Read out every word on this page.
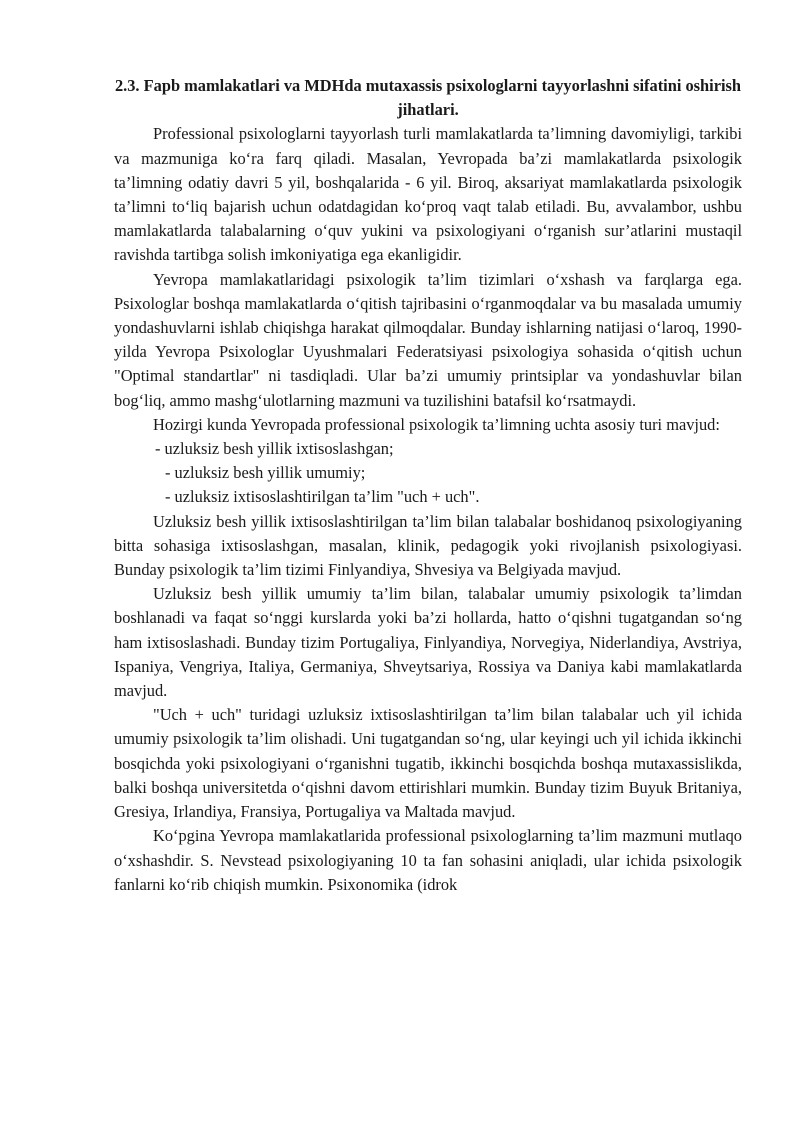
2.3. Fapb mamlakatlari va MDHda mutaxassis psixologlarni tayyorlashni sifatini oshirish jihatlari.

Professional psixologlarni tayyorlash turli mamlakatlarda ta’limning davomiyligi, tarkibi va mazmuniga ko‘ra farq qiladi. Masalan, Yevropada ba’zi mamlakatlarda psixologik ta’limning odatiy davri 5 yil, boshqalarida - 6 yil. Biroq, aksariyat mamlakatlarda psixologik ta’limni to‘liq bajarish uchun odatdagidan ko‘proq vaqt talab etiladi. Bu, avvalambor, ushbu mamlakatlarda talabalarning o‘quv yukini va psixologiyani o‘rganish sur’atlarini mustaqil ravishda tartibga solish imkoniyatiga ega ekanligidir.

Yevropa mamlakatlaridagi psixologik ta’lim tizimlari o‘xshash va farqlarga ega. Psixologlar boshqa mamlakatlarda o‘qitish tajribasini o‘rganmoqdalar va bu masalada umumiy yondashuvlarni ishlab chiqishga harakat qilmoqdalar. Bunday ishlarning natijasi o‘laroq, 1990-yilda Yevropa Psixologlar Uyushmalari Federatsiyasi psixologiya sohasida o‘qitish uchun "Optimal standartlar" ni tasdiqladi. Ular ba’zi umumiy printsiplar va yondashuvlar bilan bog‘liq, ammo mashg‘ulotlarning mazmuni va tuzilishini batafsil ko‘rsatmaydi.

Hozirgi kunda Yevropada professional psixologik ta’limning uchta asosiy turi mavjud:

- uzluksiz besh yillik ixtisoslashgan;
- uzluksiz besh yillik umumiy;
- uzluksiz ixtisoslashtirilgan ta’lim "uch + uch".

Uzluksiz besh yillik ixtisoslashtirilgan ta’lim bilan talabalar boshidanoq psixologiyaning bitta sohasiga ixtisoslashgan, masalan, klinik, pedagogik yoki rivojlanish psixologiyasi. Bunday psixologik ta’lim tizimi Finlyandiya, Shvesiya va Belgiyada mavjud.

Uzluksiz besh yillik umumiy ta’lim bilan, talabalar umumiy psixologik ta’limdan boshlanadi va faqat so‘nggi kurslarda yoki ba’zi hollarda, hatto o‘qishni tugatgandan so‘ng ham ixtisoslashadi. Bunday tizim Portugaliya, Finlyandiya, Norvegiya, Niderlandiya, Avstriya, Ispaniya, Vengriya, Italiya, Germaniya, Shveytsariya, Rossiya va Daniya kabi mamlakatlarda mavjud.

"Uch + uch" turidagi uzluksiz ixtisoslashtirilgan ta’lim bilan talabalar uch yil ichida umumiy psixologik ta’lim olishadi. Uni tugatgandan so‘ng, ular keyingi uch yil ichida ikkinchi bosqichda yoki psixologiyani o‘rganishni tugatib, ikkinchi bosqichda boshqa mutaxassislikda, balki boshqa universitetda o‘qishni davom ettirishlari mumkin. Bunday tizim Buyuk Britaniya, Gresiya, Irlandiya, Fransiya, Portugaliya va Maltada mavjud.

Ko‘pgina Yevropa mamlakatlarida professional psixologlarning ta’lim mazmuni mutlaqo o‘xshashdir. S. Nevstead psixologiyaning 10 ta fan sohasini aniqladi, ular ichida psixologik fanlarni ko‘rib chiqish mumkin. Psixonomika (idrok
